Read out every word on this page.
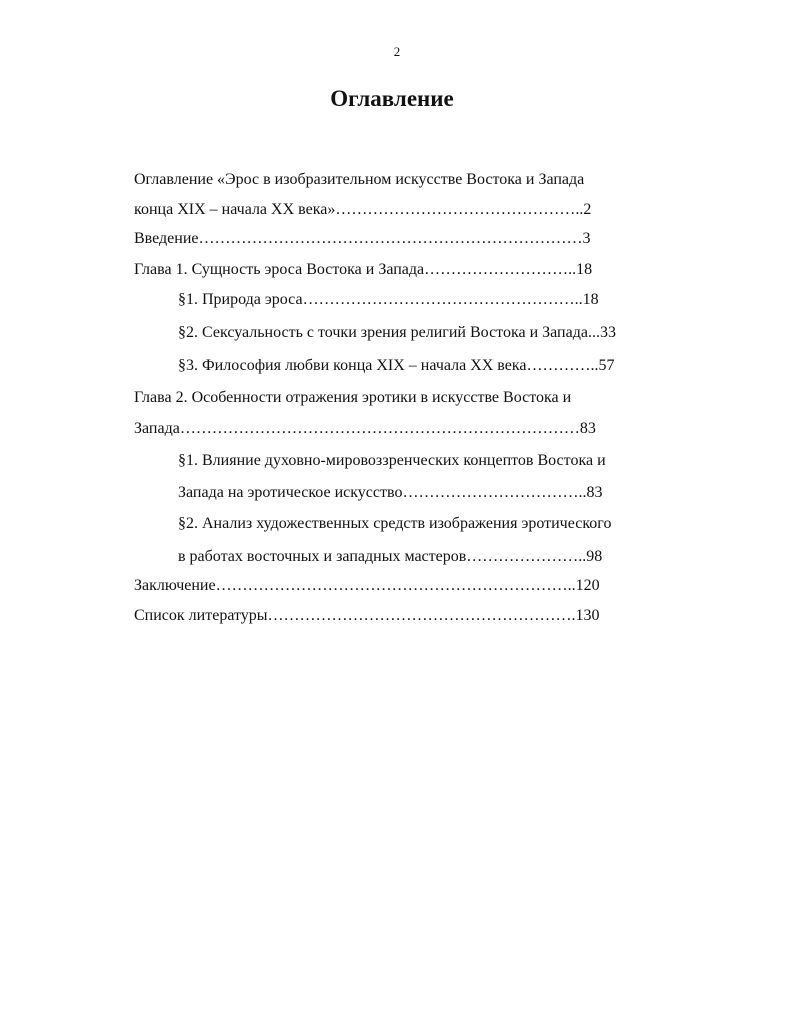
2
Оглавление
Оглавление «Эрос в изобразительном искусстве Востока и Запада
конца XIX – начала XX века»………………………………………..2
Введение………………………………………………………………3
Глава 1. Сущность эроса Востока и Запада………………………..18
§1. Природа эроса……………………………………………..18
§2. Сексуальность с точки зрения религий Востока и Запада...33
§3. Философия любви конца XIX – начала XX века…………..57
Глава 2. Особенности отражения эротики в искусстве Востока и
Запада…………………………………………………………………83
§1. Влияние духовно-мировоззренческих концептов Востока и
Запада на эротическое искусство……………………………..83
§2. Анализ художественных средств изображения эротического
в работах восточных и западных мастеров…………………..98
Заключение…………………………………………………………..120
Список литературы………………………………………………….130
